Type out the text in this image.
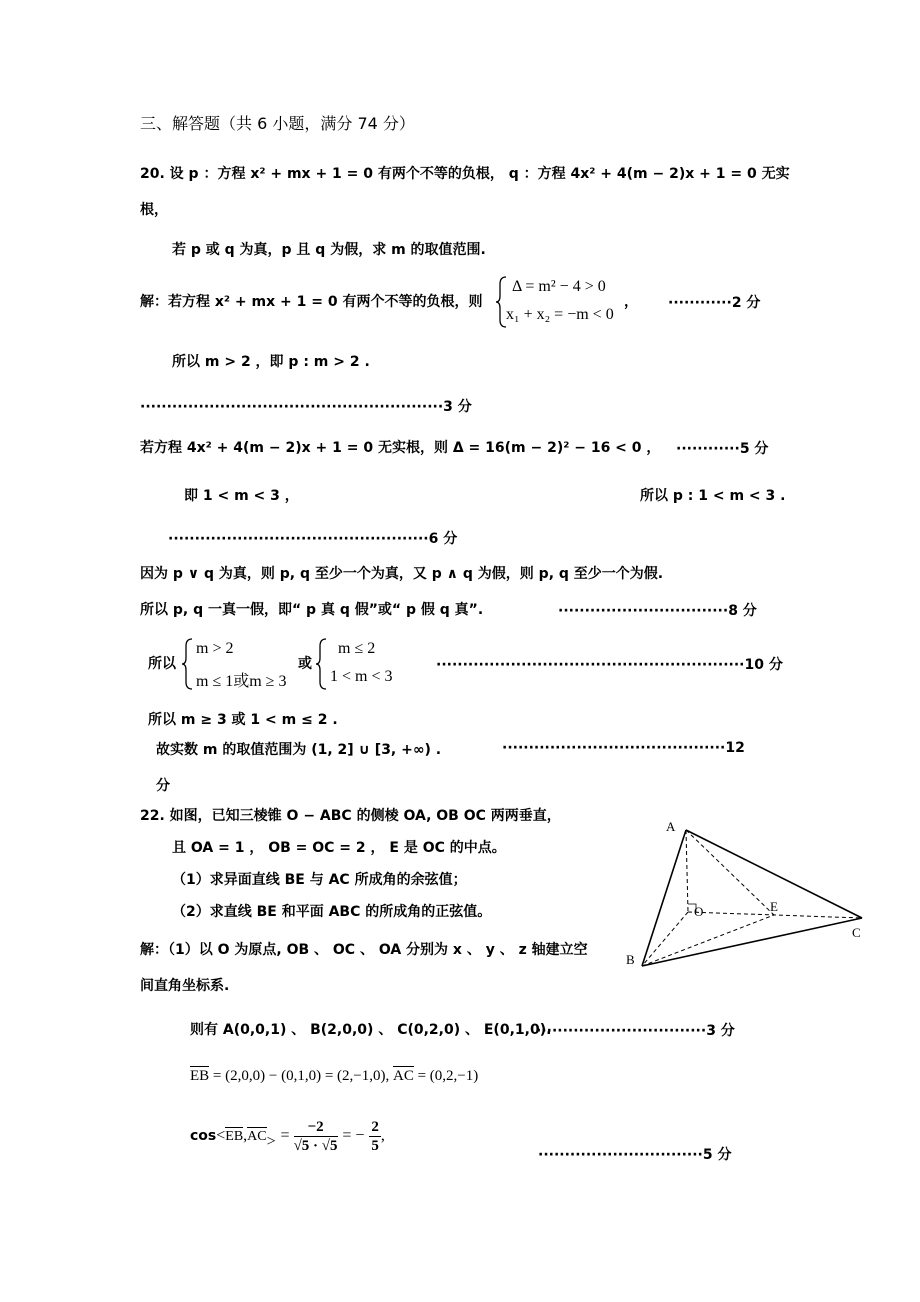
三、解答题（共 6 小题，满分 74 分）
20. 设 p ：方程 x² + mx + 1 = 0 有两个不等的负根， q ：方程 4x² + 4(m − 2)x + 1 = 0 无实
根，
若 p 或 q 为真，p 且 q 为假，求 m 的取值范围.
解：若方程 x² + mx + 1 = 0 有两个不等的负根，则
Δ = m² − 4 > 0
x₁ + x₂ = −m < 0
， ············2 分
所以 m > 2 ，即 p : m > 2 .
·························································3 分
若方程 4x² + 4(m − 2)x + 1 = 0 无实根，则 Δ = 16(m − 2)² − 16 < 0 ， ············5 分
即 1 < m < 3 ，	所以 p : 1 < m < 3 .
·················································6 分
因为 p ∨ q 为真，则 p, q 至少一个为真，又 p ∧ q 为假，则 p, q 至少一个为假.
所以 p, q 一真一假，即“ p 真 q 假”或“ p 假 q 真”.	································8 分
所以
m > 2
m ≤ 1或m ≥ 3
或
m ≤ 2
1 < m < 3
··························································10 分
所以 m ≥ 3 或 1 < m ≤ 2 .
故实数 m 的取值范围为 (1, 2] ∪ [3, +∞) .	··········································12
分
22. 如图，已知三棱锥 O − ABC 的侧棱 OA, OB OC 两两垂直，
且 OA = 1 ， OB = OC = 2 ， E 是 OC 的中点。
（1）求异面直线 BE 与 AC 所成角的余弦值；
（2）求直线 BE 和平面 ABC 的所成角的正弦值。
解：（1）以 O 为原点, OB 、 OC 、 OA 分别为 x 、 y 、 z 轴建立空
间直角坐标系.
A
O	E
B
C
则有 A(0,0,1) 、 B(2,0,0) 、 C(0,2,0) 、 E(0,1,0).
································3 分
EB = (2,0,0) − (0,1,0) = (2,−1,0), AC = (0,2,−1)
$\cos<EB,AC> = \frac{-2}{√5 \cdot √5}$ = − $\frac{2}{5}$ ,
·······························5 分
